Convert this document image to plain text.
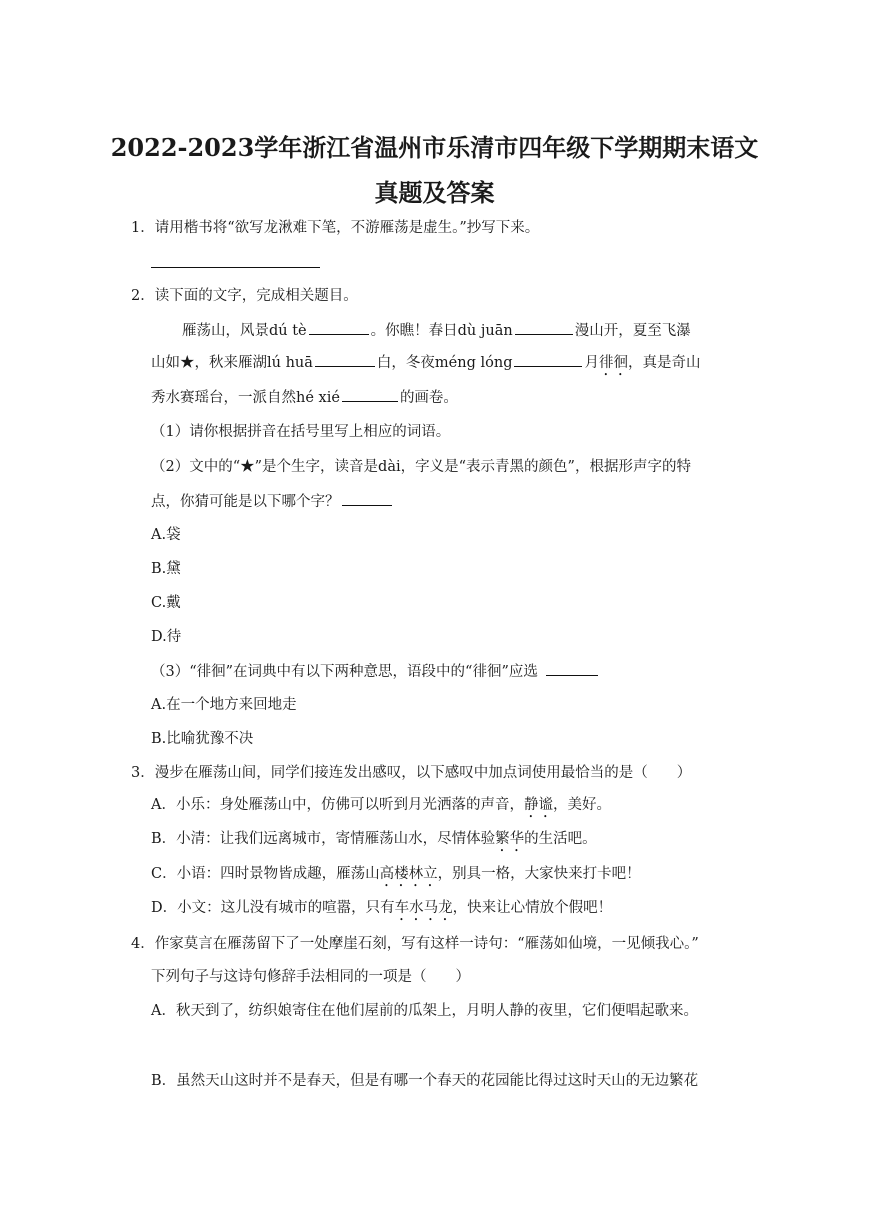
2022-2023学年浙江省温州市乐清市四年级下学期期末语文
真题及答案
1．请用楷书将“欲写龙湫难下笔，不游雁荡是虚生。”抄写下来。
2．读下面的文字，完成相关题目。
雁荡山，风景dú tè	。你瞧！春日dù juān	漫山开，夏至飞瀑
山如★，秋来雁湖lú huā	白，冬夜méng lóng	月徘徊，真是奇山
秀水赛瑶台，一派自然hé xié	的画卷。
（1）请你根据拼音在括号里写上相应的词语。
（2）文中的“★”是个生字，读音是dài，字义是“表示青黑的颜色”，根据形声字的特
点，你猜可能是以下哪个字？
A.袋
B.黛
C.戴
D.待
（3）“徘徊”在词典中有以下两种意思，语段中的“徘徊”应选
A.在一个地方来回地走
B.比喻犹豫不决
3．漫步在雁荡山间，同学们接连发出感叹，以下感叹中加点词使用最恰当的是（　　）
A．小乐：身处雁荡山中，仿佛可以听到月光洒落的声音，静谧，美好。
B．小清：让我们远离城市，寄情雁荡山水，尽情体验繁华的生活吧。
C．小语：四时景物皆成趣，雁荡山高楼林立，别具一格，大家快来打卡吧！
D．小文：这儿没有城市的喧嚣，只有车水马龙，快来让心情放个假吧！
4．作家莫言在雁荡留下了一处摩崖石刻，写有这样一诗句：“雁荡如仙境，一见倾我心。”
下列句子与这诗句修辞手法相同的一项是（　　）
A．秋天到了，纺织娘寄住在他们屋前的瓜架上，月明人静的夜里，它们便唱起歌来。
B．虽然天山这时并不是春天，但是有哪一个春天的花园能比得过这时天山的无边繁花
